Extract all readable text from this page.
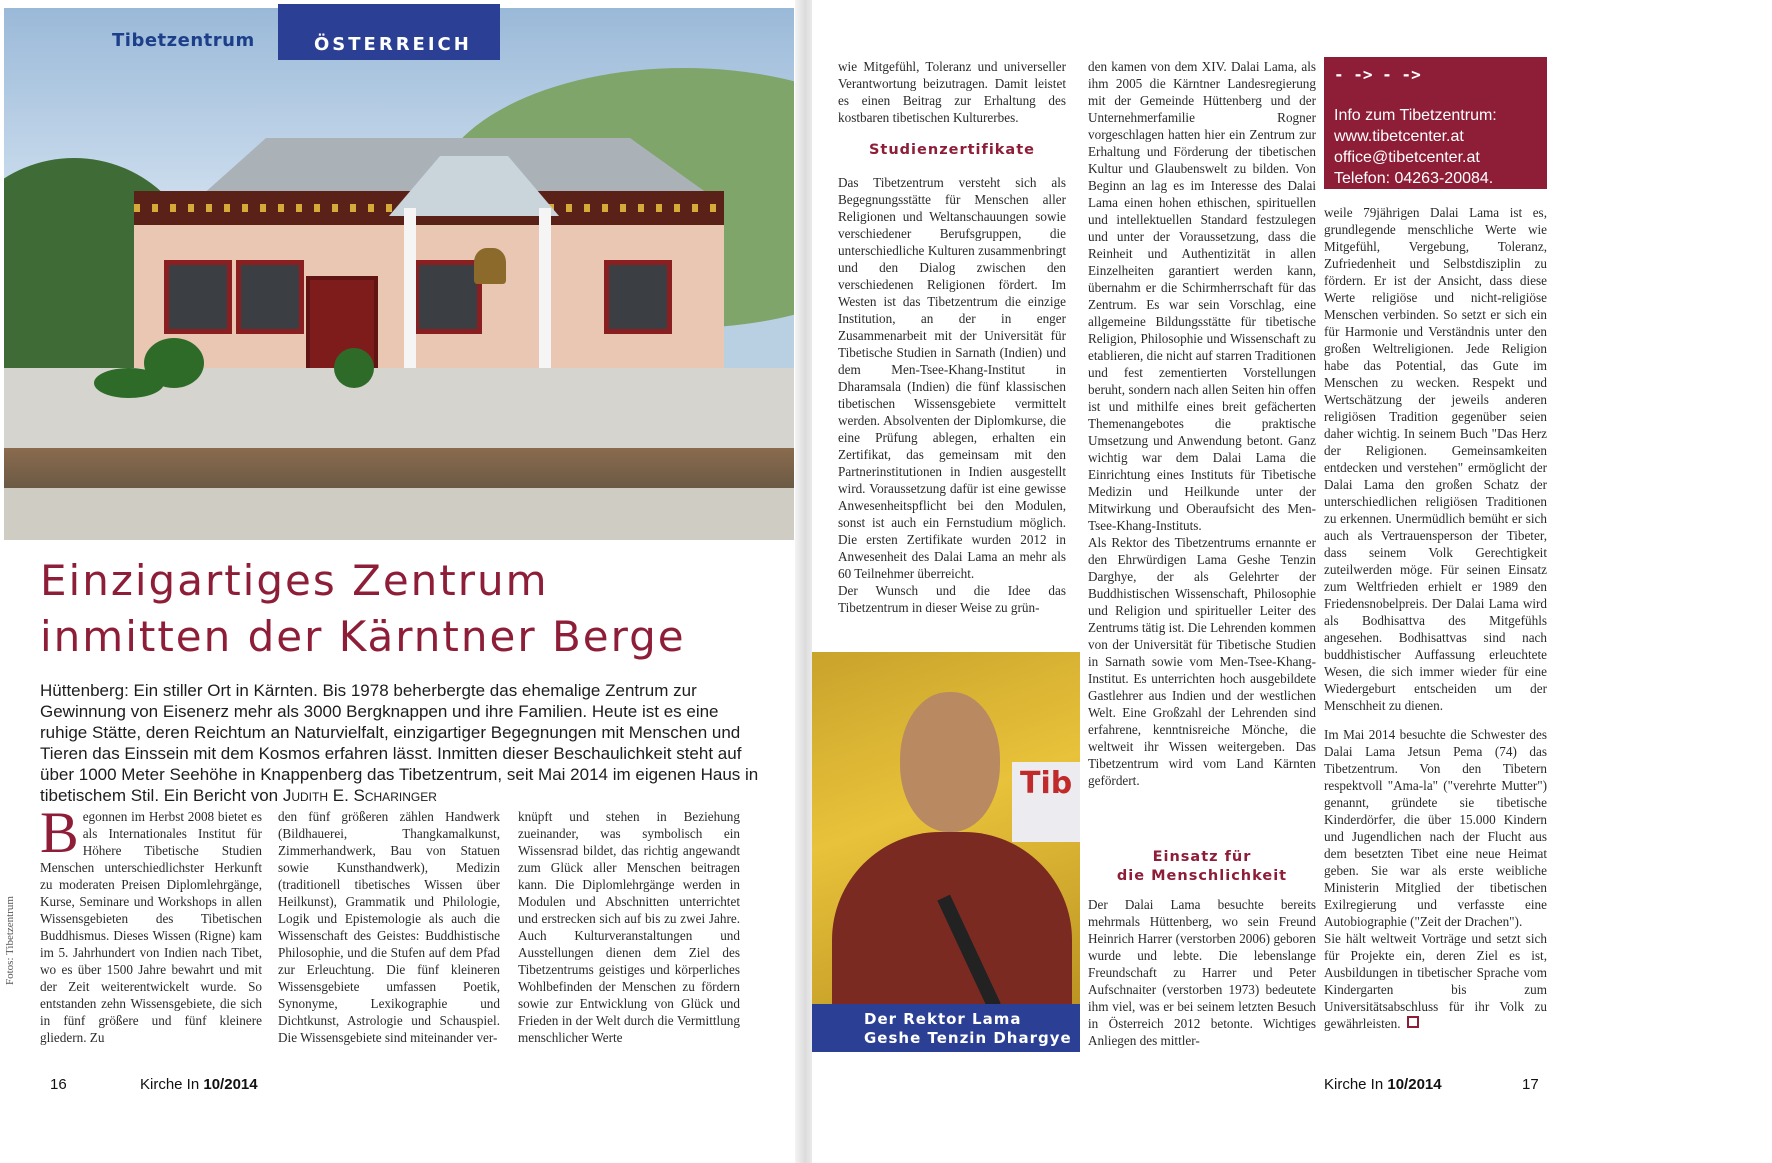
Tibetzentrum	ÖSTERREICH
Einzigartiges Zentrum
inmitten der Kärntner Berge
Hüttenberg: Ein stiller Ort in Kärnten. Bis 1978 beherbergte das ehemalige Zentrum zur Gewinnung von Eisenerz mehr als 3000 Bergknappen und ihre Familien. Heute ist es eine ruhige Stätte, deren Reichtum an Naturvielfalt, einzigartiger Begegnungen mit Menschen und Tieren das Einssein mit dem Kosmos erfahren lässt. Inmitten dieser Beschaulichkeit steht auf über 1000 Meter Seehöhe in Knappenberg das Tibetzentrum, seit Mai 2014 im eigenen Haus in tibetischem Stil. Ein Bericht von Judith E. Scharinger
B egonnen im Herbst 2008 bietet es als Internationales Institut für Höhere Tibetische Studien Menschen unterschiedlichster Herkunft zu moderaten Preisen Diplomlehrgänge, Kurse, Seminare und Workshops in allen Wissensgebieten des Tibetischen Buddhismus. Dieses Wissen (Rigne) kam im 5. Jahrhundert von Indien nach Tibet, wo es über 1500 Jahre bewahrt und mit der Zeit weiterentwickelt wurde. So entstanden zehn Wissensgebiete, die sich in fünf größere und fünf kleinere gliedern. Zu
den fünf größeren zählen Handwerk (Bildhauerei, Thangkamalkunst, Zimmerhandwerk, Bau von Statuen sowie Kunsthandwerk), Medizin (traditionell tibetisches Wissen über Heilkunst), Grammatik und Philologie, Logik und Epistemologie als auch die Wissenschaft des Geistes: Buddhistische Philosophie, und die Stufen auf dem Pfad zur Erleuchtung. Die fünf kleineren Wissensgebiete umfassen Poetik, Synonyme, Lexikographie und Dichtkunst, Astrologie und Schauspiel. Die Wissensgebiete sind miteinander ver-
knüpft und stehen in Beziehung zueinander, was symbolisch ein Wissensrad bildet, das richtig angewandt zum Glück aller Menschen beitragen kann. Die Diplomlehrgänge werden in Modulen und Abschnitten unterrichtet und erstrecken sich auf bis zu zwei Jahre. Auch Kulturveranstaltungen und Ausstellungen dienen dem Ziel des Tibetzentrums geistiges und körperliches Wohlbefinden der Menschen zu fördern sowie zur Entwicklung von Glück und Frieden in der Welt durch die Vermittlung menschlicher Werte
Fotos: Tibetzentrum
16	Kirche In 10/2014
wie Mitgefühl, Toleranz und universeller Verantwortung beizutragen. Damit leistet es einen Beitrag zur Erhaltung des kostbaren tibetischen Kulturerbes.
Studienzertifikate

Das Tibetzentrum versteht sich als Begegnungsstätte für Menschen aller Religionen und Weltanschauungen sowie verschiedener Berufsgruppen, die unterschiedliche Kulturen zusammenbringt und den Dialog zwischen den verschiedenen Religionen fördert. Im Westen ist das Tibetzentrum die einzige Institution, an der in enger Zusammenarbeit mit der Universität für Tibetische Studien in Sarnath (Indien) und dem Men-Tsee-Khang-Institut in Dharamsala (Indien) die fünf klassischen tibetischen Wissensgebiete vermittelt werden. Absolventen der Diplomkurse, die eine Prüfung ablegen, erhalten ein Zertifikat, das gemeinsam mit den Partnerinstitutionen in Indien ausgestellt wird. Voraussetzung dafür ist eine gewisse Anwesenheitspflicht bei den Modulen, sonst ist auch ein Fernstudium möglich. Die ersten Zertifikate wurden 2012 in Anwesenheit des Dalai Lama an mehr als 60 Teilnehmer überreicht.

Der Wunsch und die Idee das Tibetzentrum in dieser Weise zu grün-

Tib
Der Rektor Lama
Geshe Tenzin Dhargye

den kamen von dem XIV. Dalai Lama, als ihm 2005 die Kärntner Landesregierung mit der Gemeinde Hüttenberg und der Unternehmerfamilie Rogner vorgeschlagen hatten hier ein Zentrum zur Erhaltung und Förderung der tibetischen Kultur und Glaubenswelt zu bilden. Von Beginn an lag es im Interesse des Dalai Lama einen hohen ethischen, spirituellen und intellektuellen Standard festzulegen und unter der Voraussetzung, dass die Reinheit und Authentizität in allen Einzelheiten garantiert werden kann, übernahm er die Schirmherrschaft für das Zentrum. Es war sein Vorschlag, eine allgemeine Bildungsstätte für tibetische Religion, Philosophie und Wissenschaft zu etablieren, die nicht auf starren Traditionen und fest zementierten Vorstellungen beruht, sondern nach allen Seiten hin offen ist und mithilfe eines breit gefächerten Themenangebotes die praktische Umsetzung und Anwendung betont. Ganz wichtig war dem Dalai Lama die Einrichtung eines Instituts für Tibetische Medizin und Heilkunde unter der Mitwirkung und Oberaufsicht des Men-Tsee-Khang-Instituts.

Als Rektor des Tibetzentrums ernannte er den Ehrwürdigen Lama Geshe Tenzin Darghye, der als Gelehrter der Buddhistischen Wissenschaft, Philosophie und Religion und spiritueller Leiter des Zentrums tätig ist. Die Lehrenden kommen von der Universität für Tibetische Studien in Sarnath sowie vom Men-Tsee-Khang-Institut. Es unterrichten hoch ausgebildete Gastlehrer aus Indien und der westlichen Welt. Eine Großzahl der Lehrenden sind erfahrene, kenntnisreiche Mönche, die weltweit ihr Wissen weitergeben. Das Tibetzentrum wird vom Land Kärnten gefördert.

Einsatz für
die Menschlichkeit
Der Dalai Lama besuchte bereits mehrmals Hüttenberg, wo sein Freund Heinrich Harrer (verstorben 2006) geboren wurde und lebte. Die lebenslange Freundschaft zu Harrer und Peter Aufschnaiter (verstorben 1973) bedeutete ihm viel, was er bei seinem letzten Besuch in Österreich 2012 betonte. Wichtiges Anliegen des mittler-
- -> - ->
Info zum Tibetzentrum:
www.tibetcenter.at
office@tibetcenter.at
Telefon: 04263-20084.

weile 79jährigen Dalai Lama ist es, grundlegende menschliche Werte wie Mitgefühl, Vergebung, Toleranz, Zufriedenheit und Selbstdisziplin zu fördern. Er ist der Ansicht, dass diese Werte religiöse und nicht-religiöse Menschen verbinden. So setzt er sich ein für Harmonie und Verständnis unter den großen Weltreligionen. Jede Religion habe das Potential, das Gute im Menschen zu wecken. Respekt und Wertschätzung der jeweils anderen religiösen Tradition gegenüber seien daher wichtig. In seinem Buch "Das Herz der Religionen. Gemeinsamkeiten entdecken und verstehen" ermöglicht der Dalai Lama den großen Schatz der unterschiedlichen religiösen Traditionen zu erkennen. Unermüdlich bemüht er sich auch als Vertrauensperson der Tibeter, dass seinem Volk Gerechtigkeit zuteilwerden möge. Für seinen Einsatz zum Weltfrieden erhielt er 1989 den Friedensnobelpreis. Der Dalai Lama wird als Bodhisattva des Mitgefühls angesehen. Bodhisattvas sind nach buddhistischer Auffassung erleuchtete Wesen, die sich immer wieder für eine Wiedergeburt entscheiden um der Menschheit zu dienen.

Im Mai 2014 besuchte die Schwester des Dalai Lama Jetsun Pema (74) das Tibetzentrum. Von den Tibetern respektvoll "Ama-la" ("verehrte Mutter") genannt, gründete sie tibetische Kinderdörfer, die über 15.000 Kindern und Jugendlichen nach der Flucht aus dem besetzten Tibet eine neue Heimat geben. Sie war als erste weibliche Ministerin Mitglied der tibetischen Exilregierung und verfasste eine Autobiographie ("Zeit der Drachen").

Sie hält weltweit Vorträge und setzt sich für Projekte ein, deren Ziel es ist, Ausbildungen in tibetischer Sprache vom Kindergarten bis zum Universitätsabschluss für ihr Volk zu gewährleisten.

Kirche In 10/2014	17
